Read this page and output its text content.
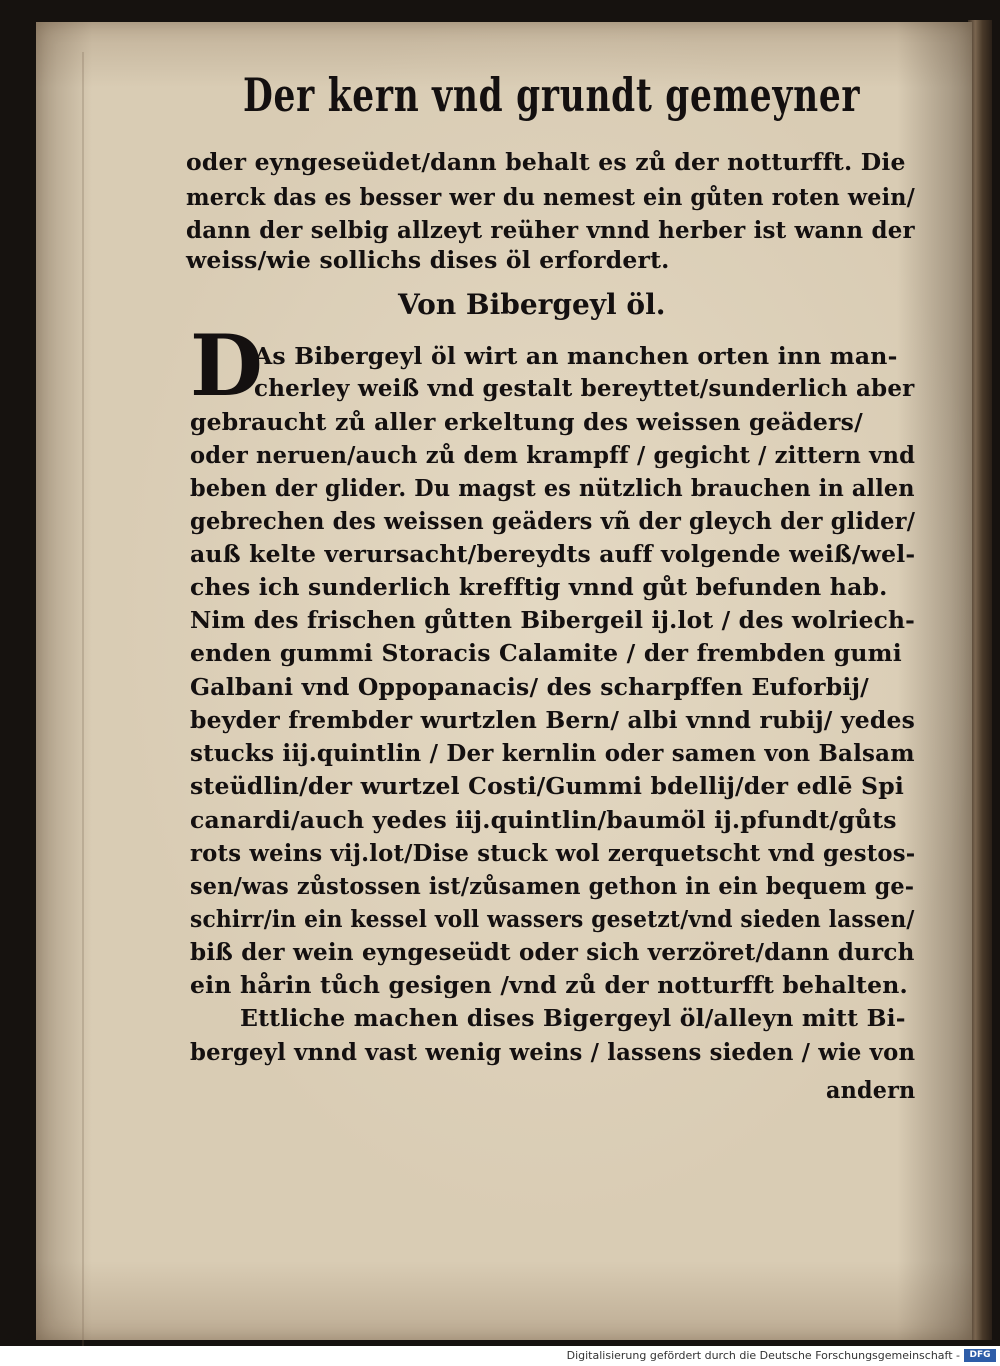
Der kern vnd grundt gemeyner
oder eyngeseüdet/dann behalt es zů der notturfft. Die
merck das es besser wer du nemest ein gůten roten wein/
dann der selbig allzeyt reüher vnnd herber ist wann der
weiss/wie sollichs dises öl erfordert.
Von Bibergeyl öl.
D
As Bibergeyl öl wirt an manchen orten inn man-
cherley weiß vnd gestalt bereyttet/sunderlich aber
gebraucht zů aller erkeltung des weissen geäders/
oder neruen/auch zů dem krampff / gegicht / zittern vnd
beben der glider. Du magst es nützlich brauchen in allen
gebrechen des weissen geäders vñ der gleych der glider/
auß kelte verursacht/bereydts auff volgende weiß/wel-
ches ich sunderlich krefftig vnnd gůt befunden hab.
Nim des frischen gůtten Bibergeil ij.lot / des wolriech-
enden gummi Storacis Calamite / der frembden gumi
Galbani vnd Oppopanacis/ des scharpffen Euforbij/
beyder frembder wurtzlen Bern/ albi vnnd rubij/ yedes
stucks iij.quintlin / Der kernlin oder samen von Balsam
steüdlin/der wurtzel Costi/Gummi bdellij/der edlē Spi
canardi/auch yedes iij.quintlin/baumöl ij.pfundt/gůts
rots weins vij.lot/Dise stuck wol zerquetscht vnd gestos-
sen/was zůstossen ist/zůsamen gethon in ein bequem ge-
schirr/in ein kessel voll wassers gesetzt/vnd sieden lassen/
biß der wein eyngeseüdt oder sich verzöret/dann durch
ein hårin tůch gesigen /vnd zů der notturfft behalten.
Ettliche machen dises Bigergeyl öl/alleyn mitt Bi-
bergeyl vnnd vast wenig weins / lassens sieden / wie von
andern
Digitalisierung gefördert durch die Deutsche Forschungsgemeinschaft -	DFG
